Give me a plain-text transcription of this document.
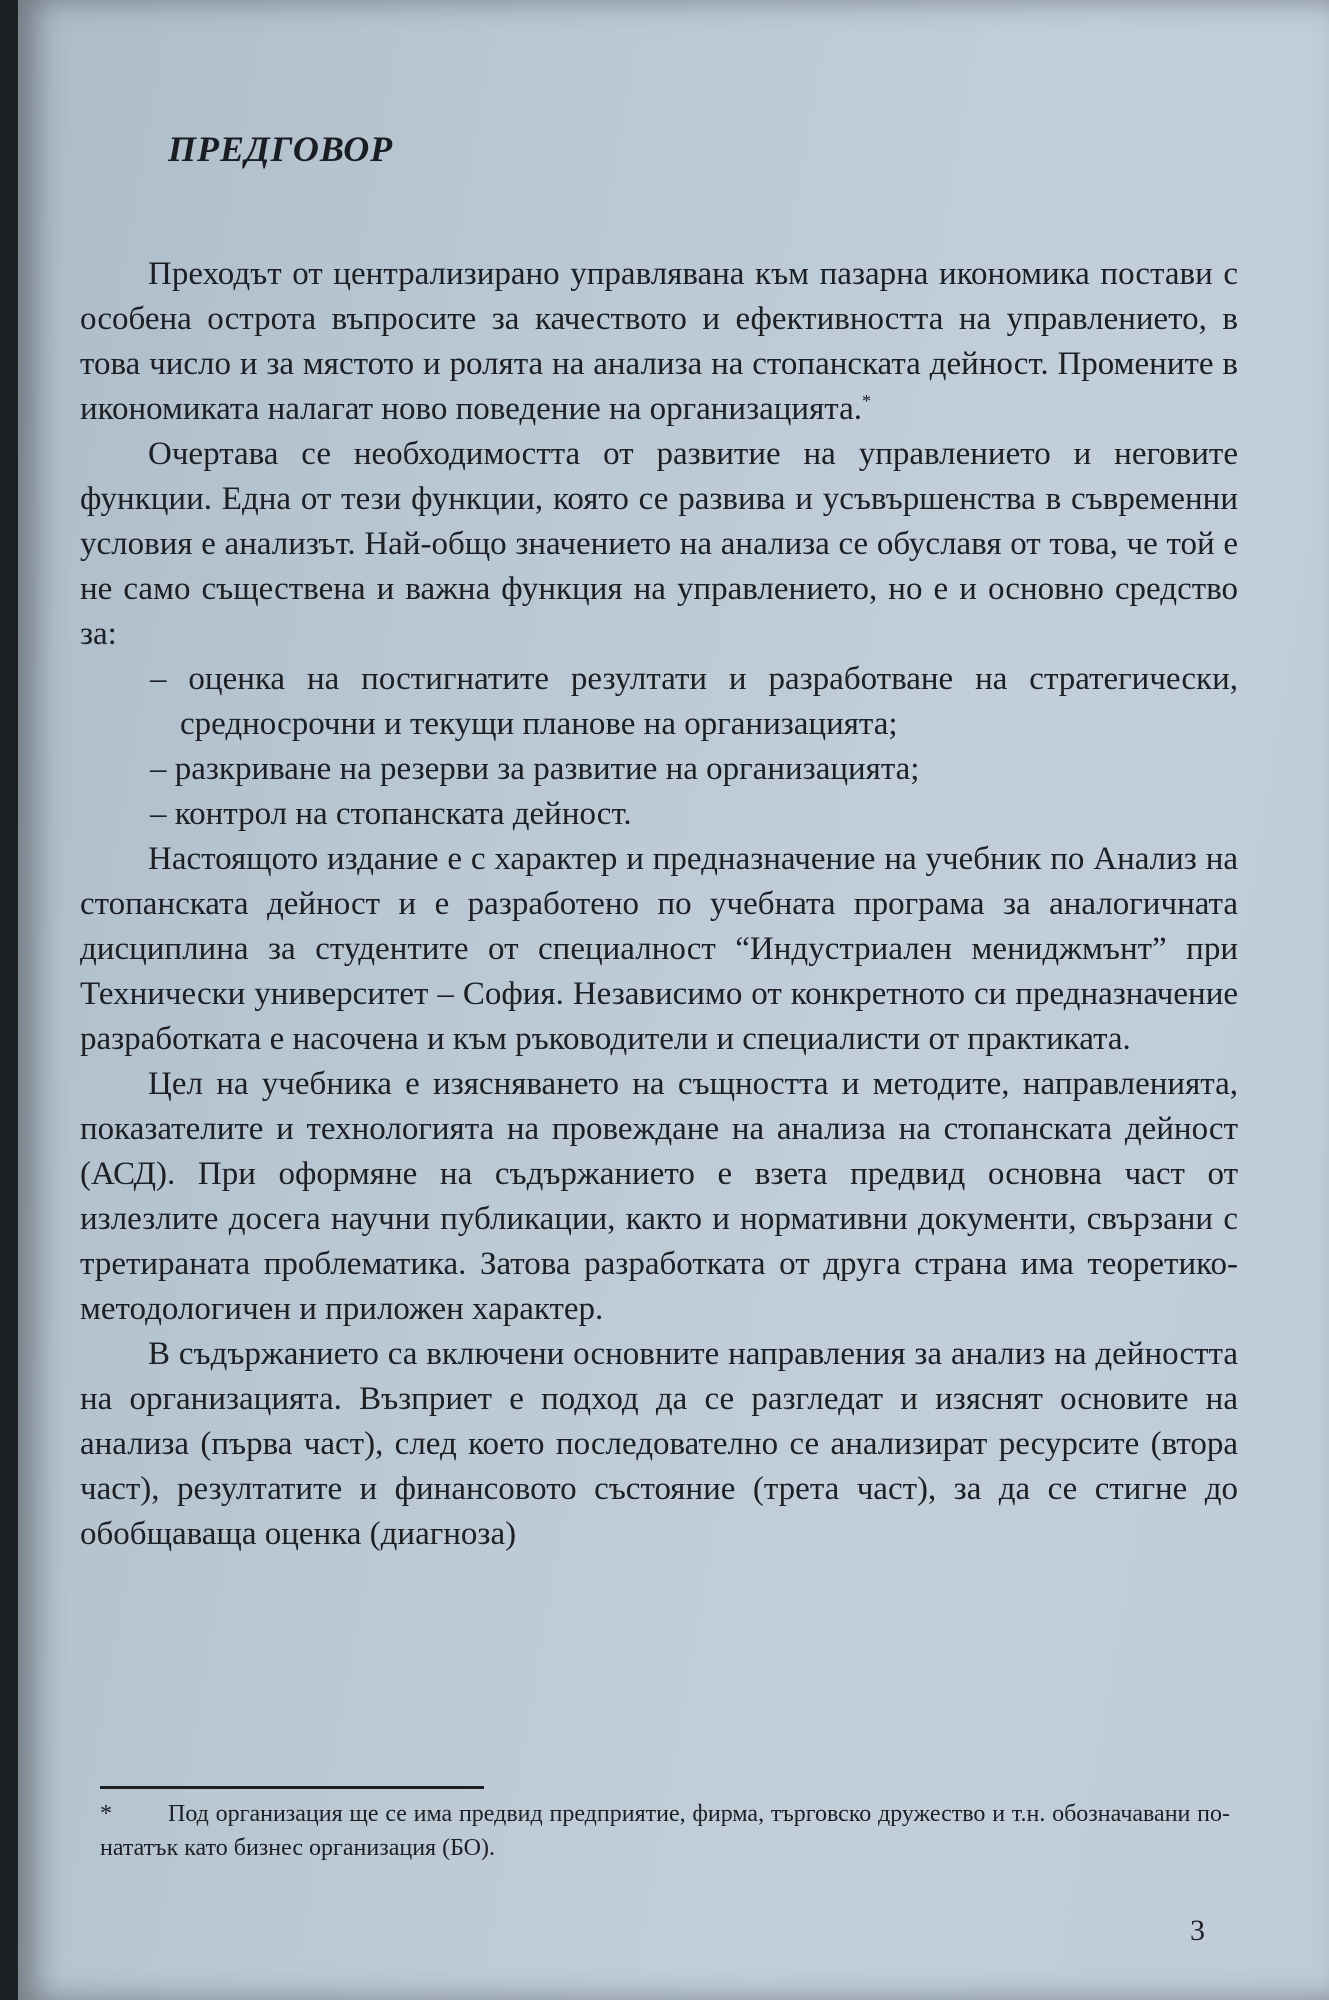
ПРЕДГОВОР

Преходът от централизирано управлявана към пазарна икономика постави с особена острота въпросите за качеството и ефективността на управлението, в това число и за мястото и ролята на анализа на стопанската дейност. Промените в икономиката налагат ново поведение на организацията.*

Очертава се необходимостта от развитие на управлението и неговите функции. Една от тези функции, която се развива и усъвършенства в съвременни условия е анализът. Най-общо значението на анализа се обуславя от това, че той е не само съществена и важна функция на управлението, но е и основно средство за:

– оценка на постигнатите резултати и разработване на стратегически, средносрочни и текущи планове на организацията;
– разкриване на резерви за развитие на организацията;
– контрол на стопанската дейност.

Настоящото издание е с характер и предназначение на учебник по Анализ на стопанската дейност и е разработено по учебната програма за аналогичната дисциплина за студентите от специалност “Индустриален мениджмънт” при Технически университет – София. Независимо от конкретното си предназначение разработката е насочена и към ръководители и специалисти от практиката.

Цел на учебника е изясняването на същността и методите, направленията, показателите и технологията на провеждане на анализа на стопанската дейност (АСД). При оформяне на съдържанието е взета предвид основна част от излезлите досега научни публикации, както и нормативни документи, свързани с третираната проблематика. Затова разработката от друга страна има теоретико-методологичен и приложен характер.

В съдържанието са включени основните направления за анализ на дейността на организацията. Възприет е подход да се разгледат и изяснят основите на анализа (първа част), след което последователно се анализират ресурсите (втора част), резултатите и финансовото състояние (трета част), за да се стигне до обобщаваща оценка (диагноза)

* Под организация ще се има предвид предприятие, фирма, търговско дружество и т.н. обозначавани по-нататък като бизнес организация (БО).
3
